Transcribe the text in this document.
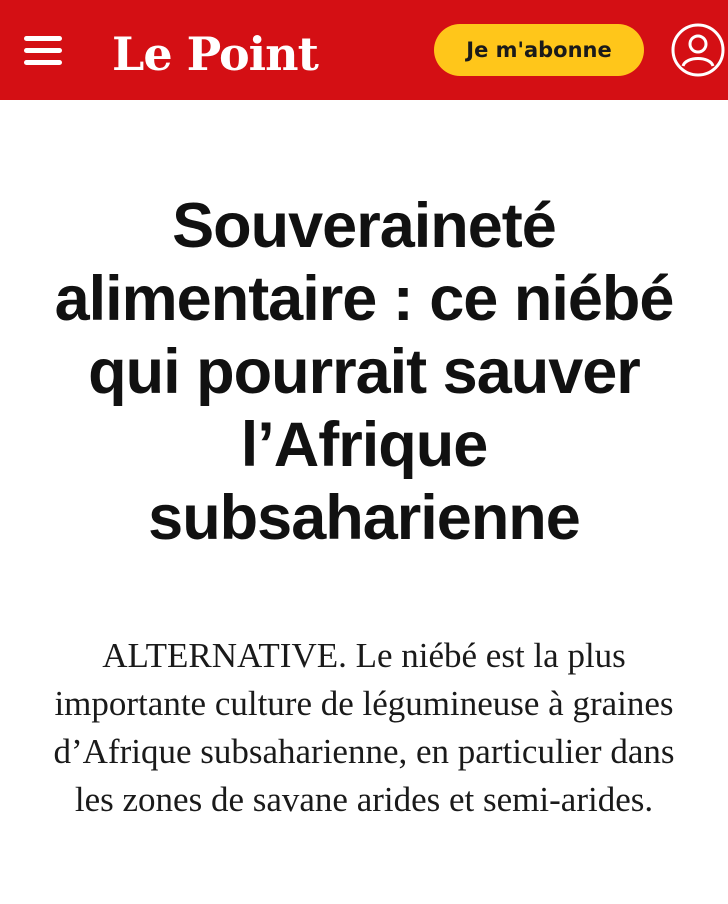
Le Point	Je m'abonne
Souveraineté alimentaire : ce niébé qui pourrait sauver l’Afrique subsaharienne

ALTERNATIVE. Le niébé est la plus importante culture de légumineuse à graines d’Afrique subsaharienne, en particulier dans les zones de savane arides et semi-arides.
